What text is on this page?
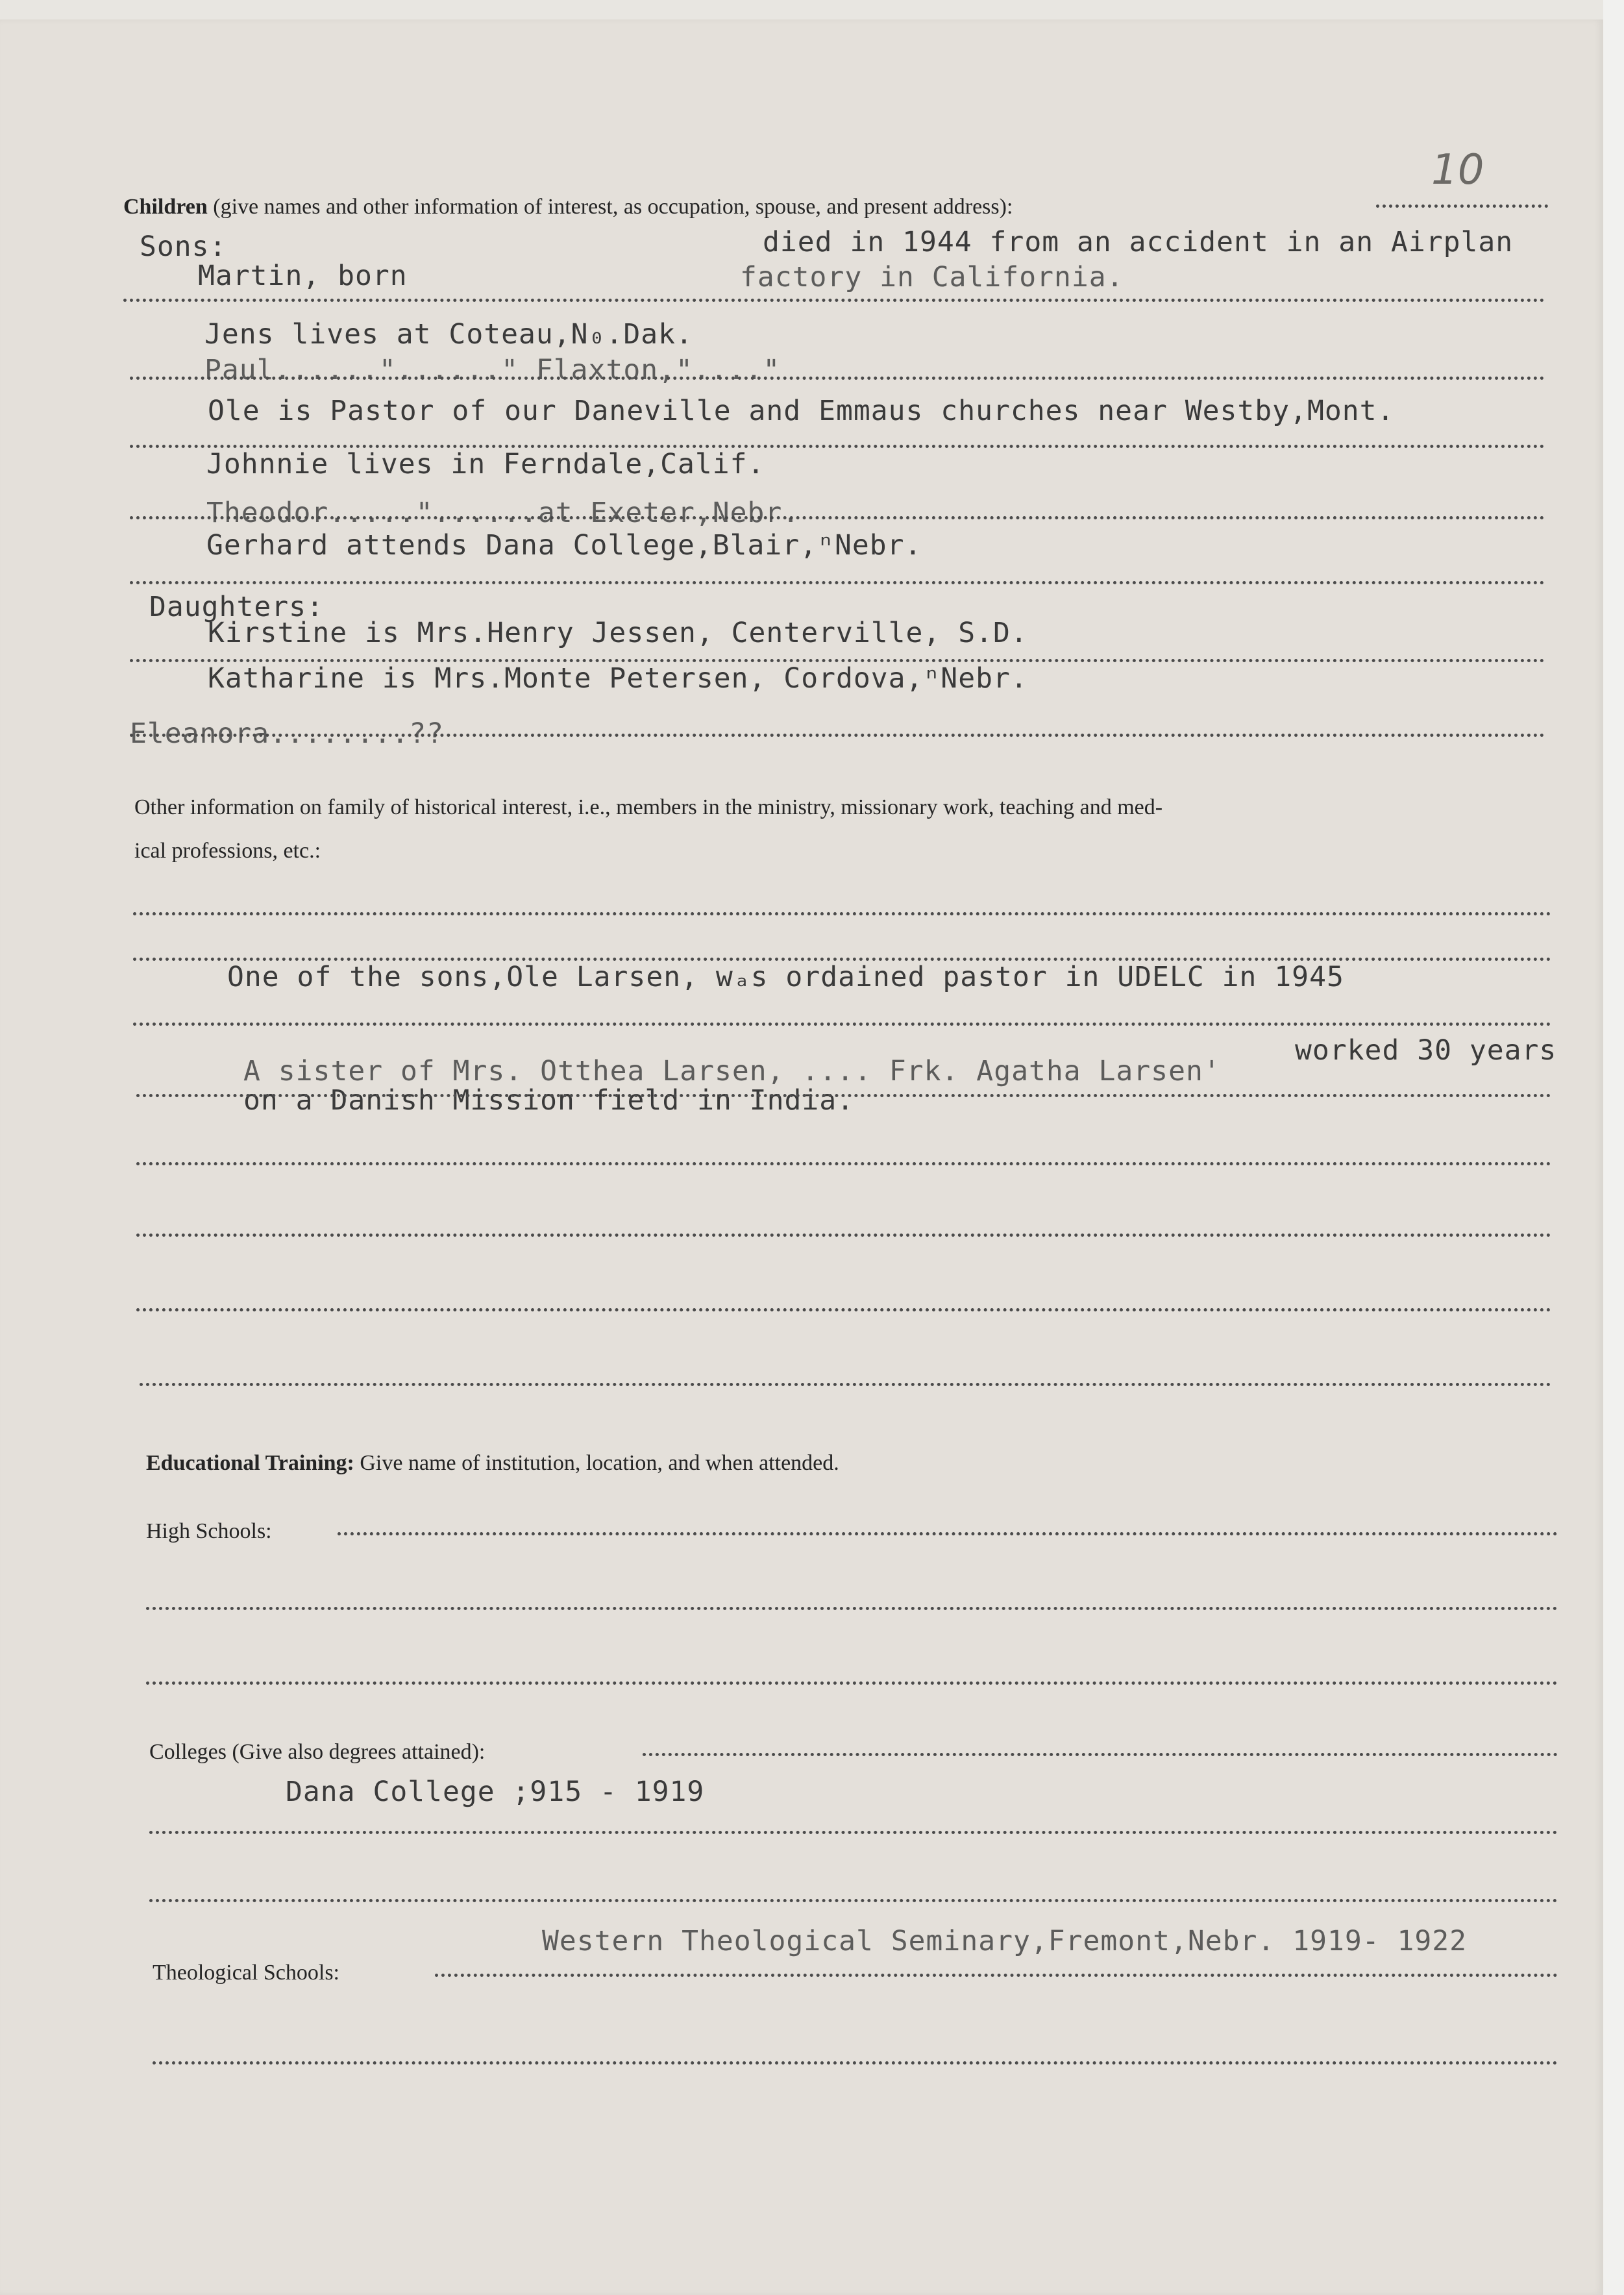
10
Children (give names and other information of interest, as occupation, spouse, and present address):
Sons:	died in 1944 from an accident in an Airplan
Martin, born	factory in California.
Jens lives at Coteau,N₀.Dak.
Paul......"......" Flaxton,"...."
Ole is Pastor of our Daneville and Emmaus churches near Westby,Mont.
Johnnie lives in Ferndale,Calif.
Theodor....."......at Exeter,Nebr.
Gerhard attends Dana College,Blair,ⁿNebr.
Daughters:
Kirstine is Mrs.Henry Jessen, Centerville, S.D.
Katharine is Mrs.Monte Petersen, Cordova,ⁿNebr.
Eleanora........??
Other information on family of historical interest, i.e., members in the ministry, missionary work, teaching and med-
ical professions, etc.:
One of the sons,Ole Larsen, wₐs ordained pastor in UDELC in 1945
A sister of Mrs. Otthea Larsen, .... Frk. Agatha Larsen'
worked 30 years
on a Danish Mission field in India.
Educational Training: Give name of institution, location, and when attended.
High Schools:
Colleges (Give also degrees attained):
Dana College ;915 - 1919
Theological Schools:
Western Theological Seminary,Fremont,Nebr. 1919- 1922
